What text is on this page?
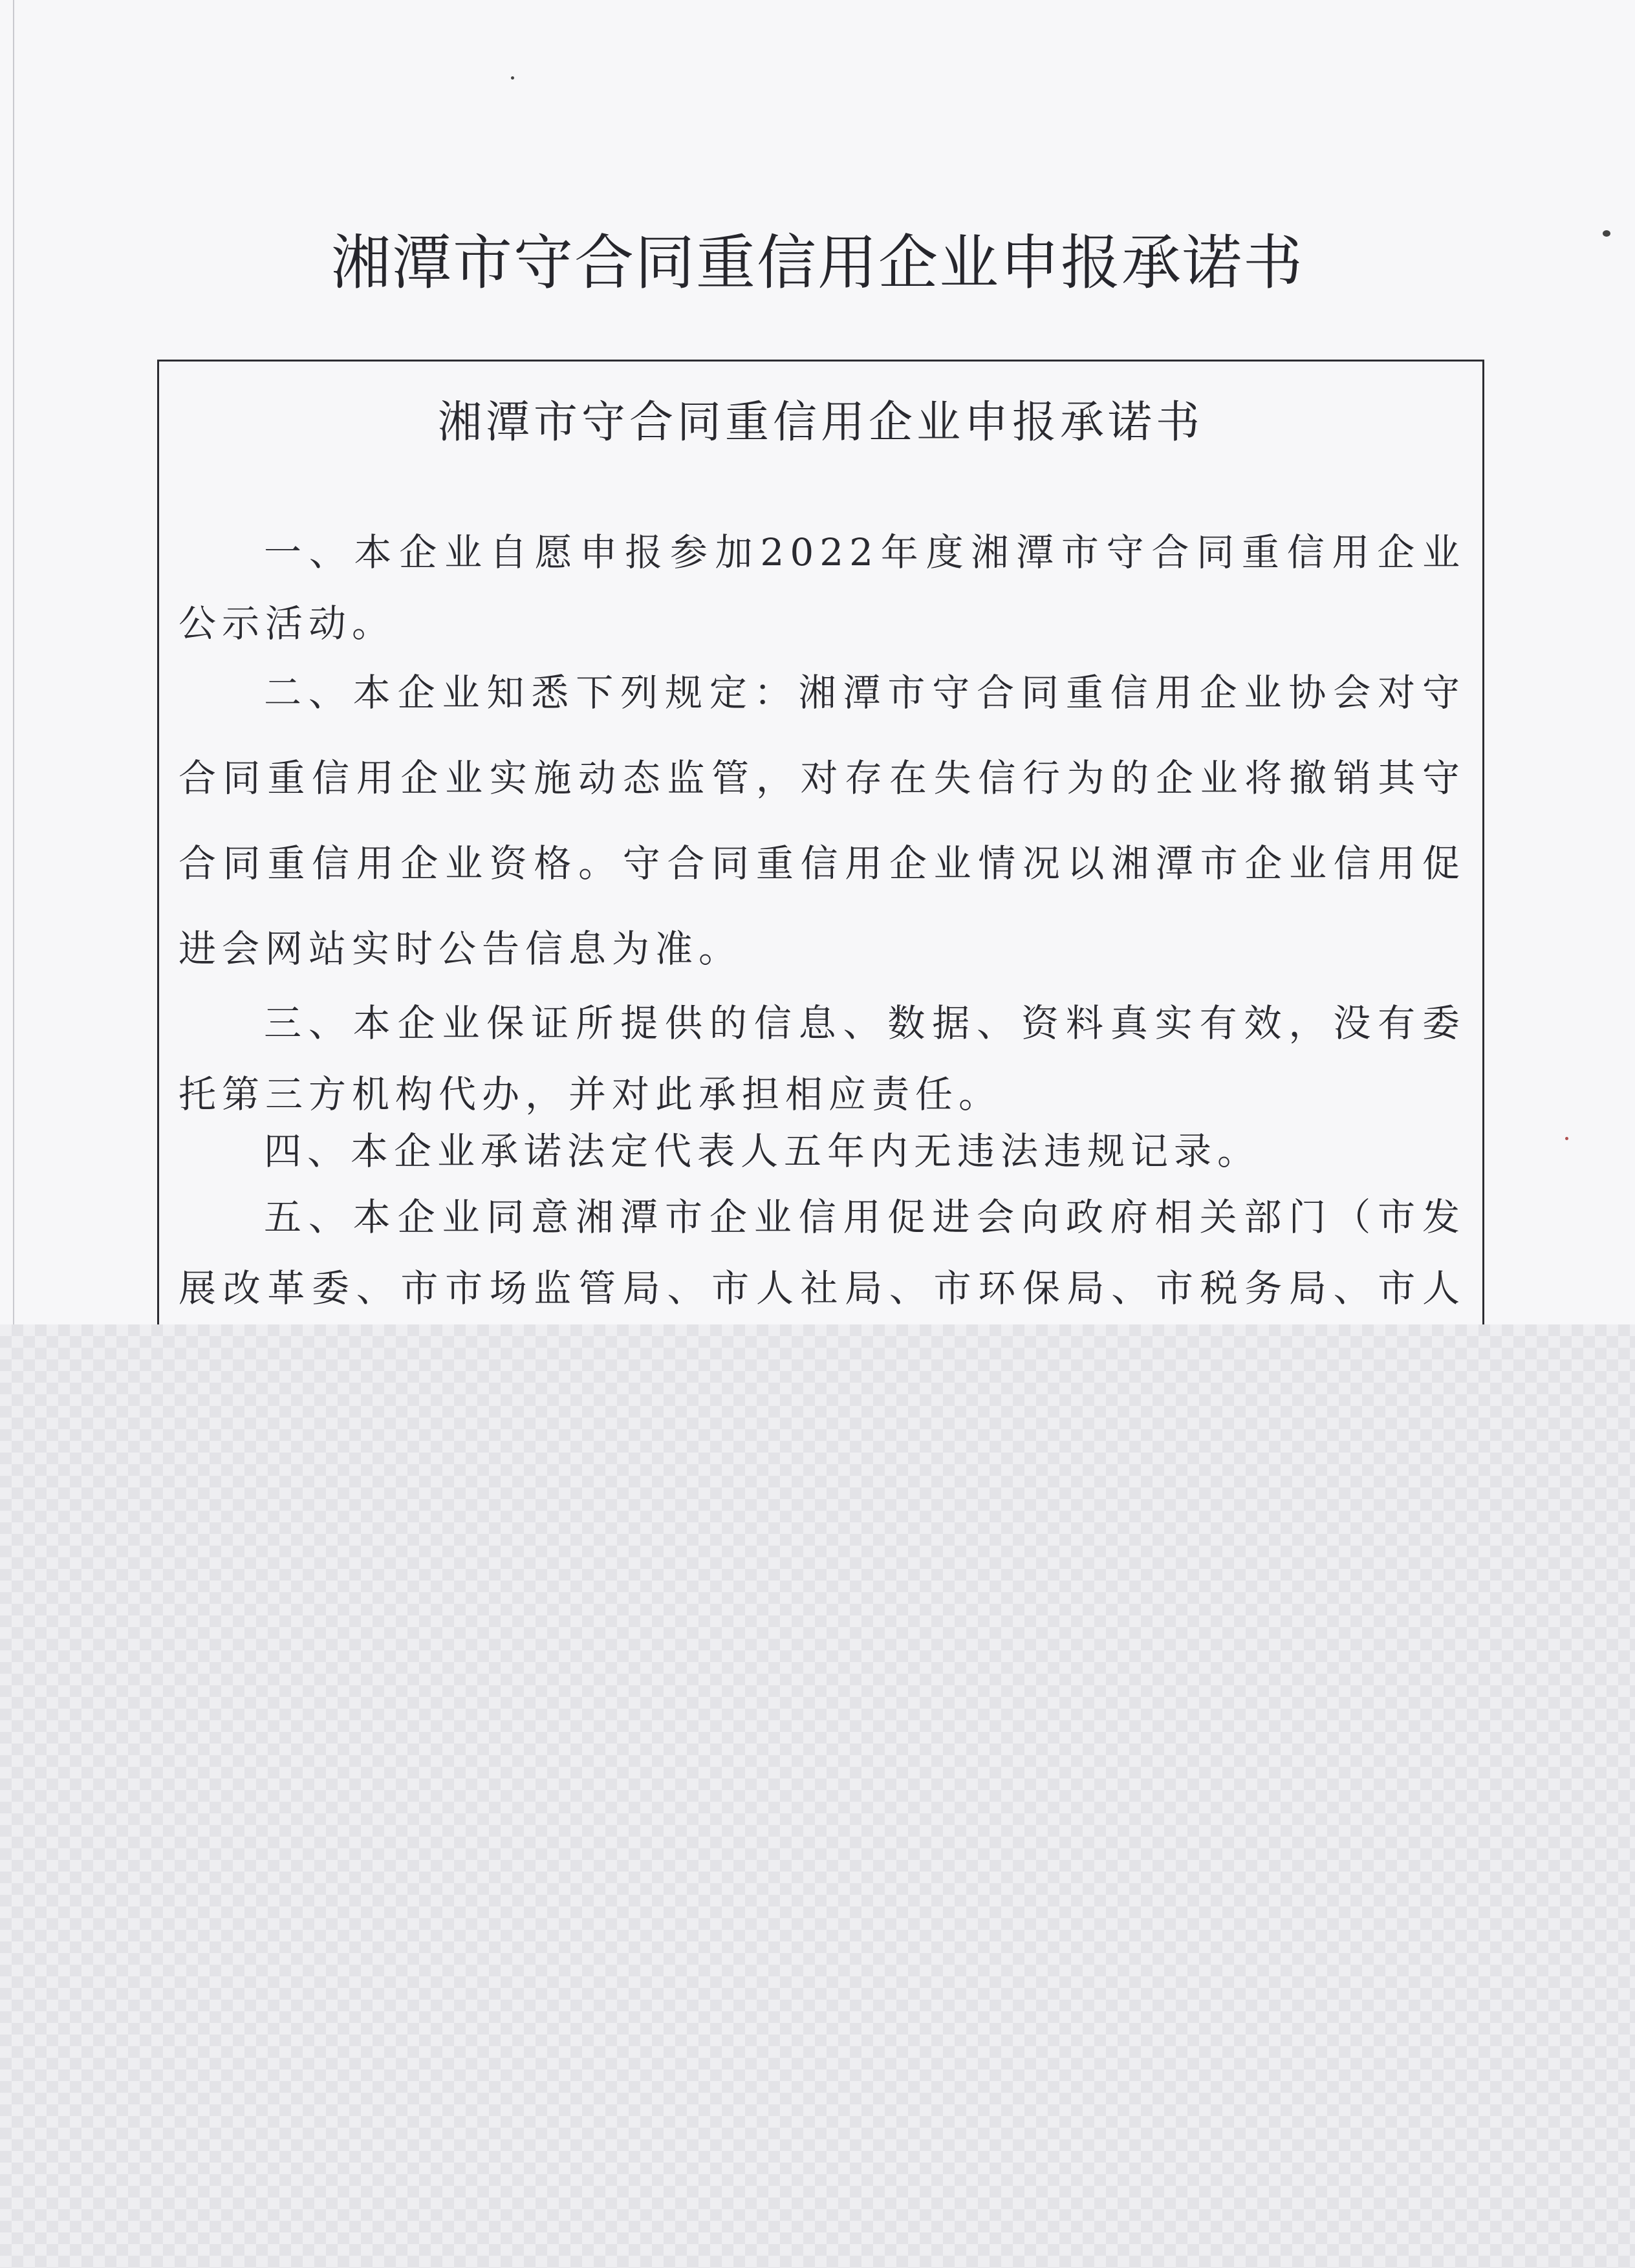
湘潭市守合同重信用企业申报承诺书
湘潭市守合同重信用企业申报承诺书

一、本企业自愿申报参加2022年度湘潭市守合同重信用企业公示活动。

二、本企业知悉下列规定：湘潭市守合同重信用企业协会对守合同重信用企业实施动态监管，对存在失信行为的企业将撤销其守合同重信用企业资格。守合同重信用企业情况以湘潭市企业信用促进会网站实时公告信息为准。

三、本企业保证所提供的信息、数据、资料真实有效，没有委托第三方机构代办，并对此承担相应责任。

四、本企业承诺法定代表人五年内无违法违规记录。

五、本企业同意湘潭市企业信用促进会向政府相关部门（市发展改革委、市市场监管局、市人社局、市环保局、市税务局、市人
